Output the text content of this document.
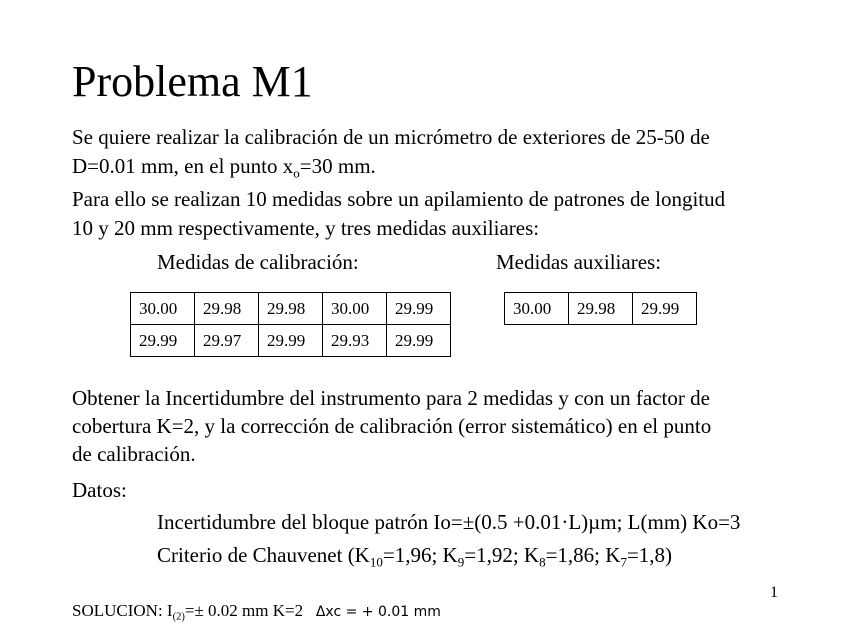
Problema M1
Se quiere realizar la calibración de un micrómetro de exteriores de 25-50 de
D=0.01 mm, en el punto $x_o=30$ mm.
Para ello se realizan 10 medidas sobre un apilamiento de patrones de longitud
10 y 20 mm respectivamente, y tres medidas auxiliares:
Medidas de calibración:	Medidas auxiliares:
30.00	29.98	29.98	30.00	29.99
29.99	29.97	29.99	29.93	29.99
30.00	29.98	29.99
Obtener la Incertidumbre del instrumento para 2 medidas y con un factor de
cobertura K=2, y la corrección de calibración (error sistemático) en el punto
de calibración.
Datos:
Incertidumbre del bloque patrón Io=±(0.5 +0.01·L)µm; L(mm) Ko=3
Criterio de Chauvenet ($K_{10}=1,96$; $K_9=1,92$; $K_8=1,86$; $K_7=1,8$)
1
SOLUCION: $I_{(2)}=\pm 0.02$ mm K=2 Δxc = + 0.01 mm
